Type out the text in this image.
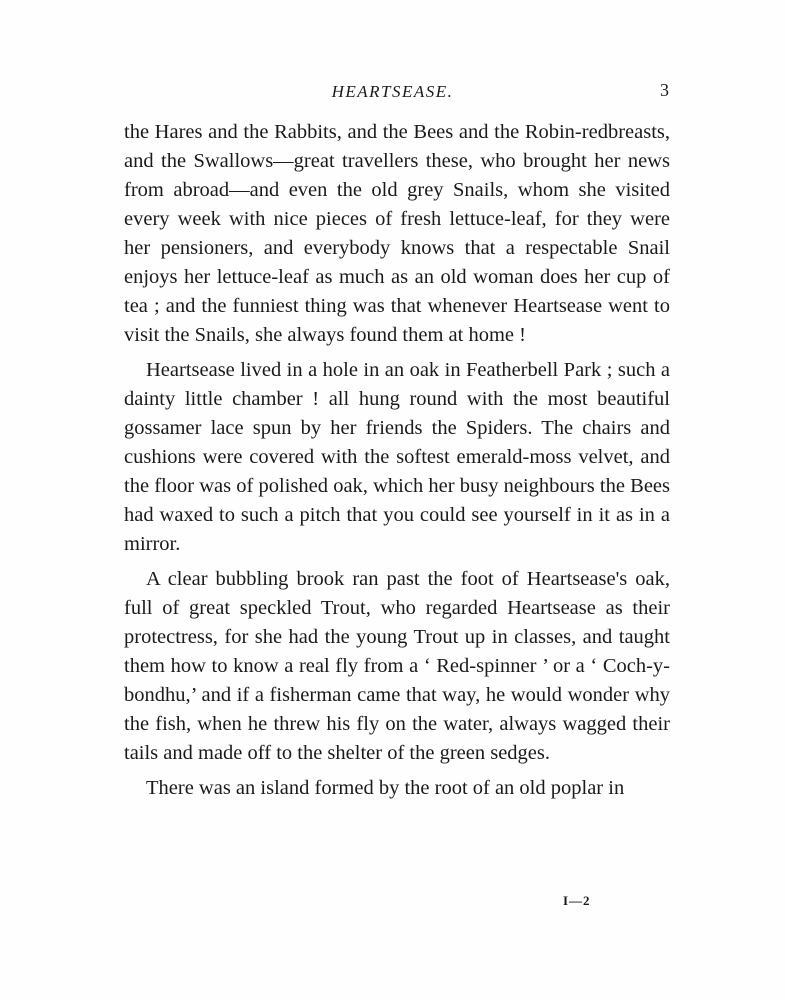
HEARTSEASE.	3

the Hares and the Rabbits, and the Bees and the Robin-redbreasts, and the Swallows—great travellers these, who brought her news from abroad—and even the old grey Snails, whom she visited every week with nice pieces of fresh lettuce-leaf, for they were her pensioners, and everybody knows that a respectable Snail enjoys her lettuce-leaf as much as an old woman does her cup of tea ; and the funniest thing was that whenever Heartsease went to visit the Snails, she always found them at home !

Heartsease lived in a hole in an oak in Featherbell Park ; such a dainty little chamber ! all hung round with the most beautiful gossamer lace spun by her friends the Spiders. The chairs and cushions were covered with the softest emerald-moss velvet, and the floor was of polished oak, which her busy neighbours the Bees had waxed to such a pitch that you could see yourself in it as in a mirror.

A clear bubbling brook ran past the foot of Heartsease's oak, full of great speckled Trout, who regarded Heartsease as their protectress, for she had the young Trout up in classes, and taught them how to know a real fly from a ‘ Red-spinner ’ or a ‘ Coch-y-bondhu,’ and if a fisherman came that way, he would wonder why the fish, when he threw his fly on the water, always wagged their tails and made off to the shelter of the green sedges.

There was an island formed by the root of an old poplar in

I—2
